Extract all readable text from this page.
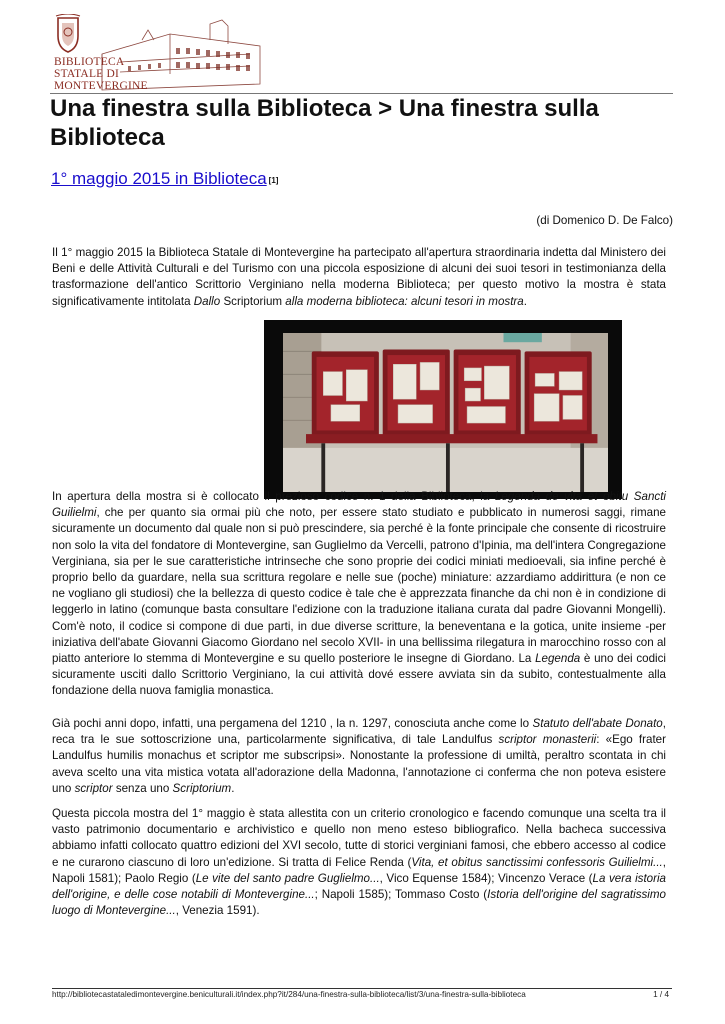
BIBLIOTECA
STATALE DI
MONTEVERGINE
Una finestra sulla Biblioteca > Una finestra sulla Biblioteca
1° maggio 2015 in Biblioteca [1]
(di Domenico D. De Falco)

Il 1° maggio 2015 la Biblioteca Statale di Montevergine ha partecipato all'apertura straordinaria indetta dal Ministero dei Beni e delle Attività Culturali e del Turismo con una piccola esposizione di alcuni dei suoi tesori in testimonianza della trasformazione dell'antico Scrittorio Verginiano nella moderna Biblioteca; per questo motivo la mostra è stata significativamente intitolata Dallo Scriptorium alla moderna biblioteca: alcuni tesori in mostra.

In apertura della mostra si è collocato il prezioso codice n. 1 della Biblioteca, la Legenda de vita et obitu Sancti Guilielmi, che per quanto sia ormai più che noto, per essere stato studiato e pubblicato in numerosi saggi, rimane sicuramente un documento dal quale non si può prescindere, sia perché è la fonte principale che consente di ricostruire non solo la vita del fondatore di Montevergine, san Guglielmo da Vercelli, patrono d'Ipinia, ma dell'intera Congregazione Verginiana, sia per le sue caratteristiche intrinseche che sono proprie dei codici miniati medioevali, sia infine perché è proprio bello da guardare, nella sua scrittura regolare e nelle sue (poche) miniature: azzardiamo addirittura (e non ce ne vogliano gli studiosi) che la bellezza di questo codice è tale che è apprezzata finanche da chi non è in condizione di leggerlo in latino (comunque basta consultare l'edizione con la traduzione italiana curata dal padre Giovanni Mongelli). Com'è noto, il codice si compone di due parti, in due diverse scritture, la beneventana e la gotica, unite insieme -per iniziativa dell'abate Giovanni Giacomo Giordano nel secolo XVII- in una bellissima rilegatura in marocchino rosso con al piatto anteriore lo stemma di Montevergine e su quello posteriore le insegne di Giordano. La Legenda è uno dei codici sicuramente usciti dallo Scrittorio Verginiano, la cui attività dové essere avviata sin da subito, contestualmente alla fondazione della nuova famiglia monastica.

Già pochi anni dopo, infatti, una pergamena del 1210 , la n. 1297, conosciuta anche come lo Statuto dell'abate Donato, reca tra le sue sottoscrizione una, particolarmente significativa, di tale Landulfus scriptor monasterii: «Ego frater Landulfus humilis monachus et scriptor me subscripsi». Nonostante la professione di umiltà, peraltro scontata in chi aveva scelto una vita mistica votata all'adorazione della Madonna, l'annotazione ci conferma che non poteva esistere uno scriptor senza uno Scriptorium.

Questa piccola mostra del 1° maggio è stata allestita con un criterio cronologico e facendo comunque una scelta tra il vasto patrimonio documentario e archivistico e quello non meno esteso bibliografico. Nella bacheca successiva abbiamo infatti collocato quattro edizioni del XVI secolo, tutte di storici verginiani famosi, che ebbero accesso al codice e ne curarono ciascuno di loro un'edizione. Si tratta di Felice Renda (Vita, et obitus sanctissimi confessoris Guilielmi..., Napoli 1581); Paolo Regio (Le vite del santo padre Guglielmo..., Vico Equense 1584); Vincenzo Verace (La vera istoria dell'origine, e delle cose notabili di Montevergine...; Napoli 1585); Tommaso Costo (Istoria dell'origine del sagratissimo luogo di Montevergine..., Venezia 1591).

http://bibliotecastataledimontevergine.beniculturali.it/index.php?it/284/una-finestra-sulla-biblioteca/list/3/una-finestra-sulla-biblioteca	1 / 4
